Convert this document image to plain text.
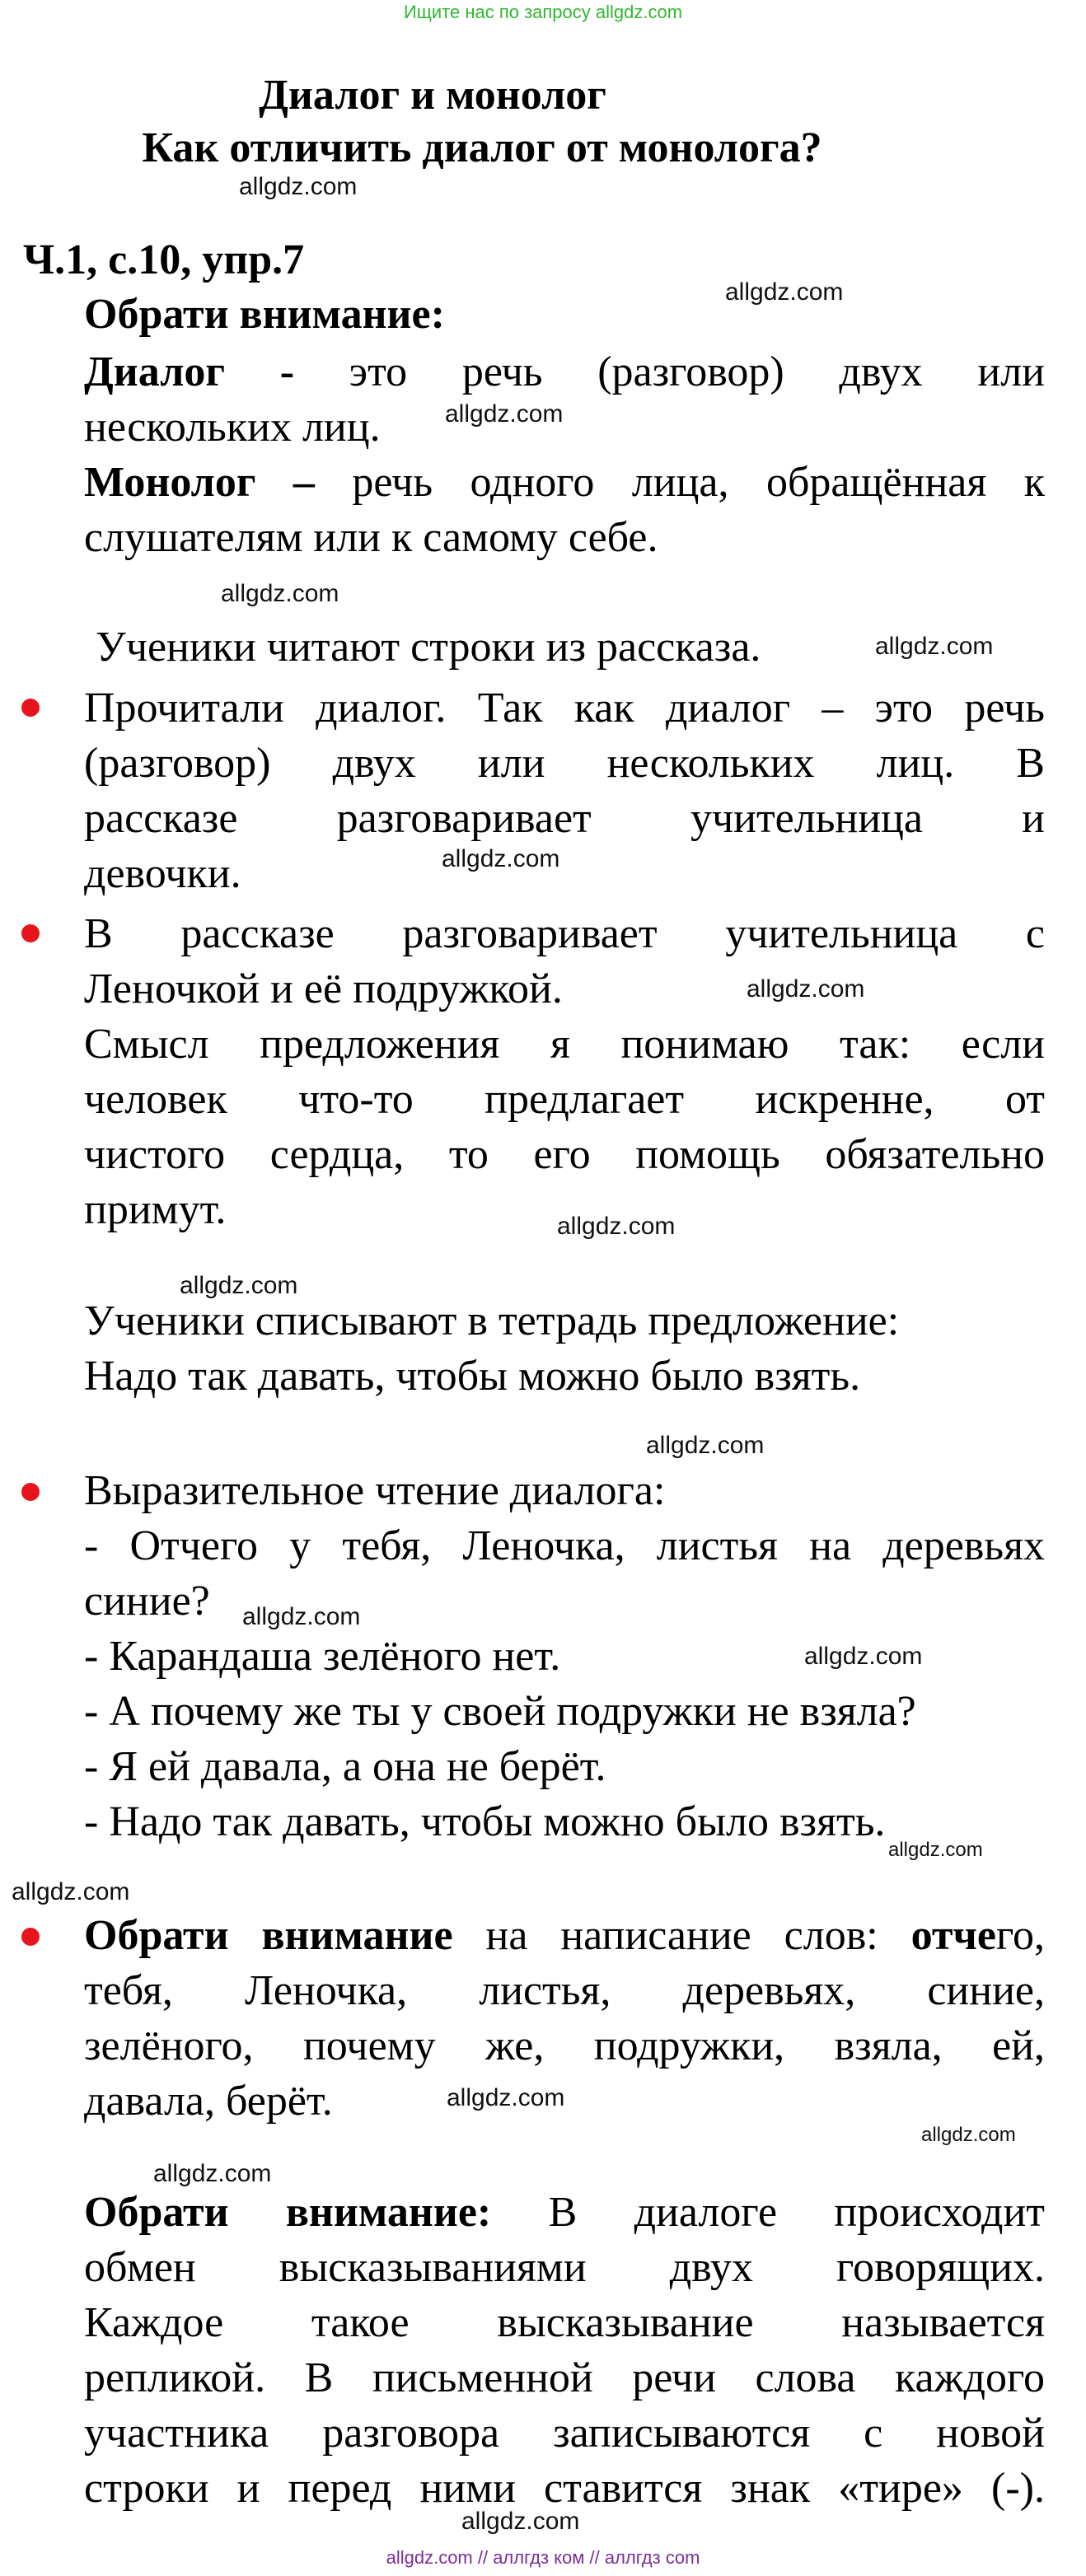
Ищите нас по запросу allgdz.com
Диалог и монолог
Как отличить диалог от монолога?
allgdz.com
Ч.1, с.10, упр.7
Обрати внимание:	allgdz.com
Диалог - это речь (разговор) двух или
нескольких лиц.	allgdz.com
Монолог – речь одного лица, обращённая к
слушателям или к самому себе.
allgdz.com
Ученики читают строки из рассказа.	allgdz.com
Прочитали диалог. Так как диалог – это речь
(разговор) двух или нескольких лиц. В
рассказе разговаривает учительница и
девочки.	allgdz.com
В рассказе разговаривает учительница с
Леночкой и её подружкой.	allgdz.com
Смысл предложения я понимаю так: если
человек что-то предлагает искренне, от
чистого сердца, то его помощь обязательно
примут.	allgdz.com
allgdz.com
Ученики списывают в тетрадь предложение:
Надо так давать, чтобы можно было взять.
allgdz.com
Выразительное чтение диалога:
- Отчего у тебя, Леночка, листья на деревьях
синие? allgdz.com
- Карандаша зелёного нет.	allgdz.com
- А почему же ты у своей подружки не взяла?
- Я ей давала, а она не берёт.
- Надо так давать, чтобы можно было взять.
allgdz.com
allgdz.com
Обрати внимание на написание слов: отчего,
тебя, Леночка, листья, деревьях, синие,
зелёного, почему же, подружки, взяла, ей,
давала, берёт.	allgdz.com
allgdz.com
allgdz.com
Обрати внимание: В диалоге происходит
обмен высказываниями двух говорящих.
Каждое такое высказывание называется
репликой. В письменной речи слова каждого
участника разговора записываются с новой
строки и перед ними ставится знак «тире» (-).
allgdz.com
allgdz.com // аллгдз ком // аллгдз com
